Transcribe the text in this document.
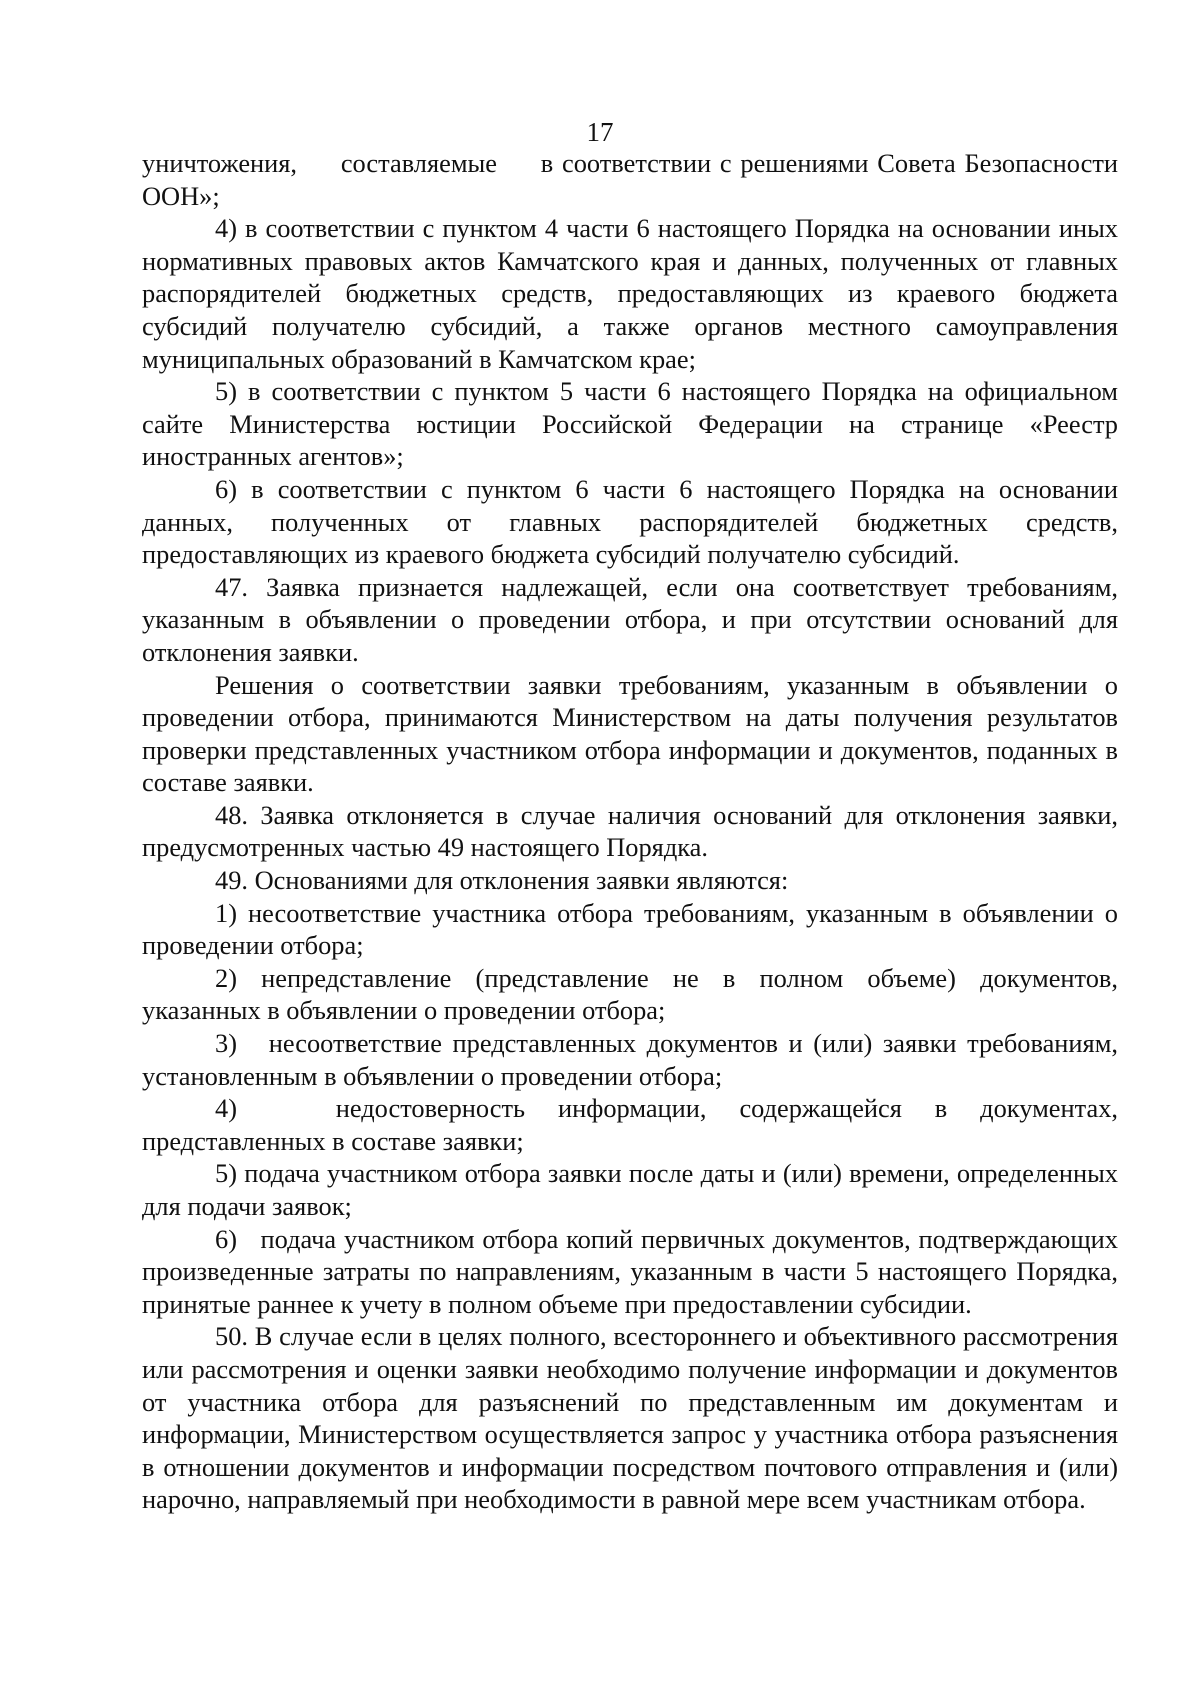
17

уничтожения,     составляемые     в соответствии с решениями Совета Безопасности ООН»;

4) в соответствии с пунктом 4 части 6 настоящего Порядка на основании иных нормативных правовых актов Камчатского края и данных, полученных от главных распорядителей бюджетных средств, предоставляющих из краевого бюджета субсидий получателю субсидий, а также органов местного самоуправления муниципальных образований в Камчатском крае;

5) в соответствии с пунктом 5 части 6 настоящего Порядка на официальном сайте Министерства юстиции Российской Федерации на странице «Реестр иностранных агентов»;

6) в соответствии с пунктом 6 части 6 настоящего Порядка на основании данных, полученных от главных распорядителей бюджетных средств, предоставляющих из краевого бюджета субсидий получателю субсидий.

47. Заявка признается надлежащей, если она соответствует требованиям, указанным в объявлении о проведении отбора, и при отсутствии оснований для отклонения заявки.

Решения о соответствии заявки требованиям, указанным в объявлении о проведении отбора, принимаются Министерством на даты получения результатов проверки представленных участником отбора информации и документов, поданных в составе заявки.

48. Заявка отклоняется в случае наличия оснований для отклонения заявки, предусмотренных частью 49 настоящего Порядка.

49. Основаниями для отклонения заявки являются:

1) несоответствие участника отбора требованиям, указанным в объявлении о проведении отбора;

2) непредставление (представление не в полном объеме) документов, указанных в объявлении о проведении отбора;

3)   несоответствие представленных документов и (или) заявки требованиям, установленным в объявлении о проведении отбора;

4)   недостоверность информации, содержащейся в документах, представленных в составе заявки;

5) подача участником отбора заявки после даты и (или) времени, определенных для подачи заявок;

6)   подача участником отбора копий первичных документов, подтверждающих произведенные затраты по направлениям, указанным в части 5 настоящего Порядка, принятые раннее к учету в полном объеме при предоставлении субсидии.

50. В случае если в целях полного, всестороннего и объективного рассмотрения или рассмотрения и оценки заявки необходимо получение информации и документов от участника отбора для разъяснений по представленным им документам и информации, Министерством осуществляется запрос у участника отбора разъяснения в отношении документов и информации посредством почтового отправления и (или) нарочно, направляемый при необходимости в равной мере всем участникам отбора.
